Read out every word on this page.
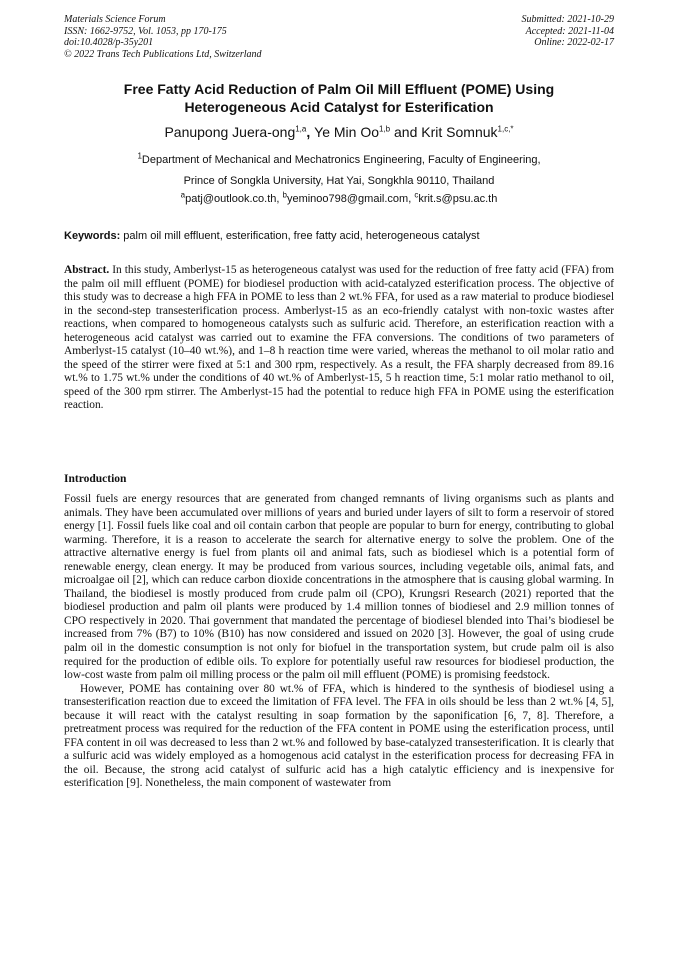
Materials Science Forum
ISSN: 1662-9752, Vol. 1053, pp 170-175
doi:10.4028/p-35y201
© 2022 Trans Tech Publications Ltd, Switzerland
Submitted: 2021-10-29
Accepted: 2021-11-04
Online: 2022-02-17
Free Fatty Acid Reduction of Palm Oil Mill Effluent (POME) Using
Heterogeneous Acid Catalyst for Esterification
Panupong Juera-ong$^{1,a}$, Ye Min Oo$^{1,b}$ and Krit Somnuk$^{1,c,*}$
$^1$Department of Mechanical and Mechatronics Engineering, Faculty of Engineering,
Prince of Songkla University, Hat Yai, Songkhla 90110, Thailand
$^a$patj@outlook.co.th, $^b$yeminoo798@gmail.com, $^c$krit.s@psu.ac.th
Keywords: palm oil mill effluent, esterification, free fatty acid, heterogeneous catalyst
Abstract. In this study, Amberlyst-15 as heterogeneous catalyst was used for the reduction of free fatty acid (FFA) from the palm oil mill effluent (POME) for biodiesel production with acid-catalyzed esterification process. The objective of this study was to decrease a high FFA in POME to less than 2 wt.% FFA, for used as a raw material to produce biodiesel in the second-step transesterification process. Amberlyst-15 as an eco-friendly catalyst with non-toxic wastes after reactions, when compared to homogeneous catalysts such as sulfuric acid. Therefore, an esterification reaction with a heterogeneous acid catalyst was carried out to examine the FFA conversions. The conditions of two parameters of Amberlyst-15 catalyst (10–40 wt.%), and 1–8 h reaction time were varied, whereas the methanol to oil molar ratio and the speed of the stirrer were fixed at 5:1 and 300 rpm, respectively. As a result, the FFA sharply decreased from 89.16 wt.% to 1.75 wt.% under the conditions of 40 wt.% of Amberlyst-15, 5 h reaction time, 5:1 molar ratio methanol to oil, speed of the 300 rpm stirrer. The Amberlyst-15 had the potential to reduce high FFA in POME using the esterification reaction.
Introduction

Fossil fuels are energy resources that are generated from changed remnants of living organisms such as plants and animals. They have been accumulated over millions of years and buried under layers of silt to form a reservoir of stored energy [1]. Fossil fuels like coal and oil contain carbon that people are popular to burn for energy, contributing to global warming. Therefore, it is a reason to accelerate the search for alternative energy to solve the problem. One of the attractive alternative energy is fuel from plants oil and animal fats, such as biodiesel which is a potential form of renewable energy, clean energy. It may be produced from various sources, including vegetable oils, animal fats, and microalgae oil [2], which can reduce carbon dioxide concentrations in the atmosphere that is causing global warming. In Thailand, the biodiesel is mostly produced from crude palm oil (CPO), Krungsri Research (2021) reported that the biodiesel production and palm oil plants were produced by 1.4 million tonnes of biodiesel and 2.9 million tonnes of CPO respectively in 2020. Thai government that mandated the percentage of biodiesel blended into Thai’s biodiesel be increased from 7% (B7) to 10% (B10) has now considered and issued on 2020 [3]. However, the goal of using crude palm oil in the domestic consumption is not only for biofuel in the transportation system, but crude palm oil is also required for the production of edible oils. To explore for potentially useful raw resources for biodiesel production, the low-cost waste from palm oil milling process or the palm oil mill effluent (POME) is promising feedstock.

However, POME has containing over 80 wt.% of FFA, which is hindered to the synthesis of biodiesel using a transesterification reaction due to exceed the limitation of FFA level. The FFA in oils should be less than 2 wt.% [4, 5], because it will react with the catalyst resulting in soap formation by the saponification [6, 7, 8]. Therefore, a pretreatment process was required for the reduction of the FFA content in POME using the esterification process, until FFA content in oil was decreased to less than 2 wt.% and followed by base-catalyzed transesterification. It is clearly that a sulfuric acid was widely employed as a homogenous acid catalyst in the esterification process for decreasing FFA in the oil. Because, the strong acid catalyst of sulfuric acid has a high catalytic efficiency and is inexpensive for esterification [9]. Nonetheless, the main component of wastewater from
